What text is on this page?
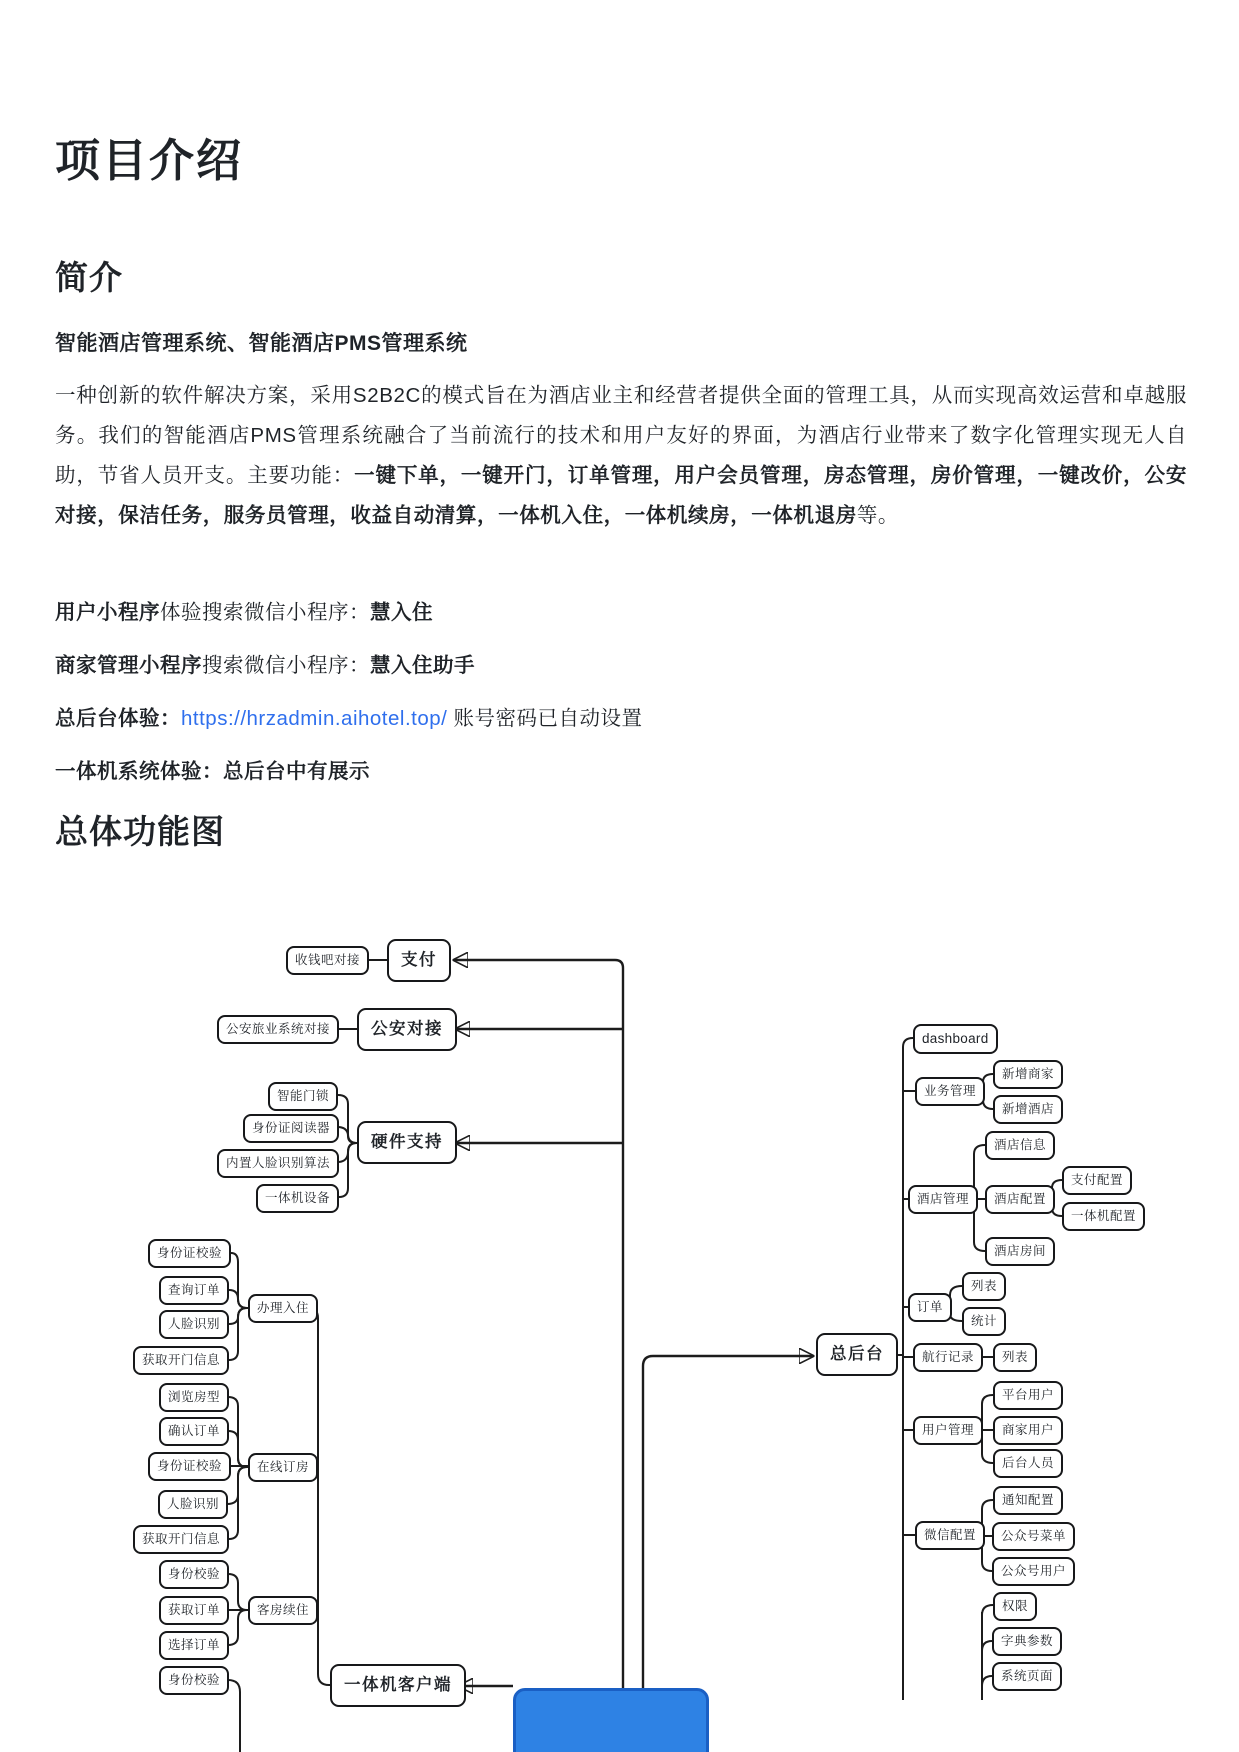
项目介绍
简介
智能酒店管理系统、智能酒店PMS管理系统

一种创新的软件解决方案，采用S2B2C的模式旨在为酒店业主和经营者提供全面的管理工具，从而实现高效运营和卓越服务。我们的智能酒店PMS管理系统融合了当前流行的技术和用户友好的界面，为酒店行业带来了数字化管理实现无人自助，节省人员开支。主要功能：一键下单，一键开门，订单管理，用户会员管理，房态管理，房价管理，一键改价，公安对接，保洁任务，服务员管理，收益自动清算，一体机入住，一体机续房，一体机退房等。

用户小程序体验搜索微信小程序：慧入住
商家管理小程序搜索微信小程序：慧入住助手
总后台体验：https://hrzadmin.aihotel.top/ 账号密码已自动设置
一体机系统体验：总后台中有展示
总体功能图
收钱吧对接	支付
公安旅业系统对接	公安对接
智能门锁
身份证阅读器
内置人脸识别算法
一体机设备
硬件支持
身份证校验
查询订单
人脸识别
获取开门信息
办理入住
浏览房型
确认订单
身份证校验
人脸识别
获取开门信息
在线订房
身份校验
获取订单	客房续住
选择订单
身份校验	一体机客户端
dashboard
业务管理
新增商家
新增酒店
酒店管理
酒店信息
酒店配置
支付配置
一体机配置
酒店房间
订单
列表
统计
总后台	航行记录	列表
用户管理
平台用户
商家用户
后台人员
微信配置
通知配置
公众号菜单
公众号用户
权限
字典参数
系统页面
